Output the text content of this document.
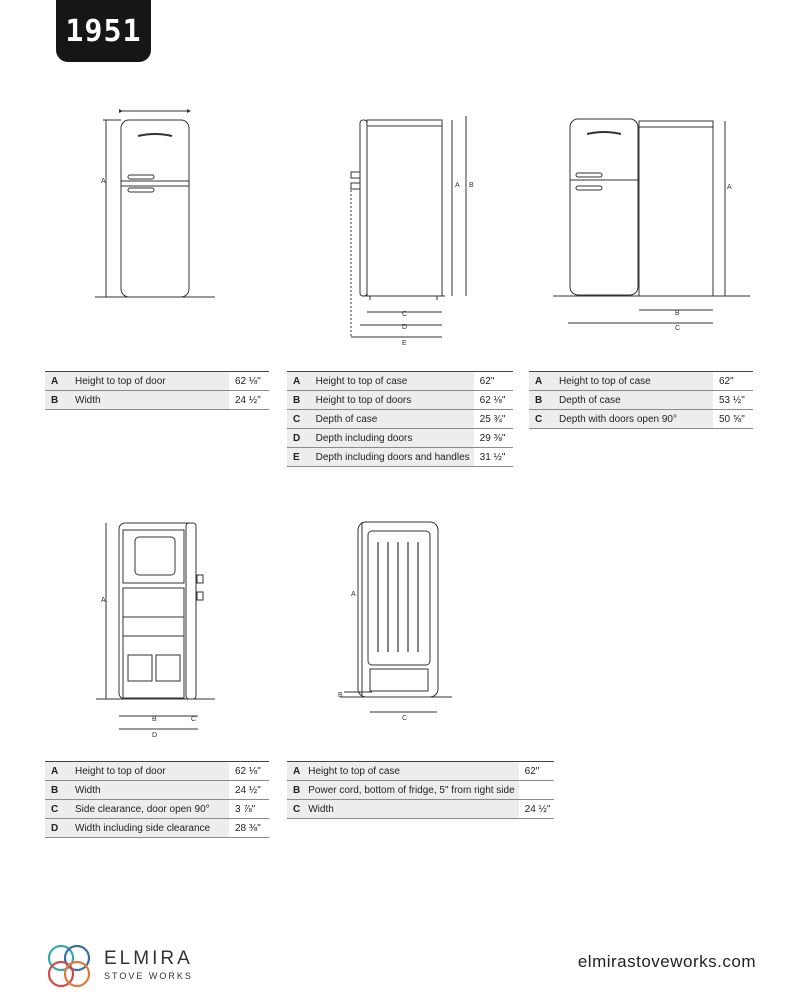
1951
A
A B
C
D
E
A
B
C
A
B	C
D
A
B
C
A	Height to top of door	62 ⅛"
B	Width	24 ½"
A	Height to top of case	62"
B	Height to top of doors	62 ⅛"
C	Depth of case	25 ¾"
D	Depth including doors	29 ⅜"
E	Depth including doors and handles	31 ½"
A	Height to top of case	62"
B	Depth of case	53 ½"
C	Depth with doors open 90°	50 ⅝"
A	Height to top of door	62 ⅛"
B	Width	24 ½"
C	Side clearance, door open 90°	3 ⅞"
D	Width including side clearance	28 ⅜"
A	Height to top of case	62"
B	Power cord, bottom of fridge, 5" from right side	
C	Width	24 ½"
ELMIRA
STOVE WORKS
elmirastoveworks.com
